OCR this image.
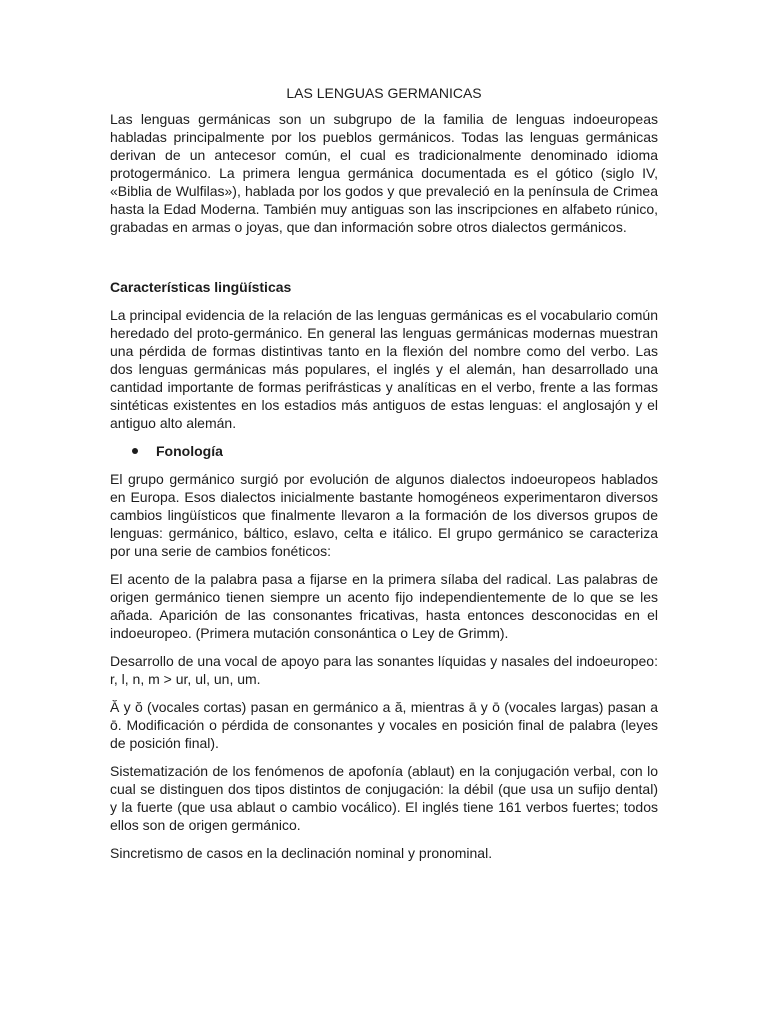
LAS LENGUAS GERMANICAS

Las lenguas germánicas son un subgrupo de la familia de lenguas indoeuropeas habladas principalmente por los pueblos germánicos. Todas las lenguas germánicas derivan de un antecesor común, el cual es tradicionalmente denominado idioma protogermánico. La primera lengua germánica documentada es el gótico (siglo IV, «Biblia de Wulfilas»), hablada por los godos y que prevaleció en la península de Crimea hasta la Edad Moderna. También muy antiguas son las inscripciones en alfabeto rúnico, grabadas en armas o joyas, que dan información sobre otros dialectos germánicos.

Características lingüísticas

La principal evidencia de la relación de las lenguas germánicas es el vocabulario común heredado del proto-germánico. En general las lenguas germánicas modernas muestran una pérdida de formas distintivas tanto en la flexión del nombre como del verbo. Las dos lenguas germánicas más populares, el inglés y el alemán, han desarrollado una cantidad importante de formas perifrásticas y analíticas en el verbo, frente a las formas sintéticas existentes en los estadios más antiguos de estas lenguas: el anglosajón y el antiguo alto alemán.

Fonología

El grupo germánico surgió por evolución de algunos dialectos indoeuropeos hablados en Europa. Esos dialectos inicialmente bastante homogéneos experimentaron diversos cambios lingüísticos que finalmente llevaron a la formación de los diversos grupos de lenguas: germánico, báltico, eslavo, celta e itálico. El grupo germánico se caracteriza por una serie de cambios fonéticos:

El acento de la palabra pasa a fijarse en la primera sílaba del radical. Las palabras de origen germánico tienen siempre un acento fijo independientemente de lo que se les añada. Aparición de las consonantes fricativas, hasta entonces desconocidas en el indoeuropeo. (Primera mutación consonántica o Ley de Grimm).

Desarrollo de una vocal de apoyo para las sonantes líquidas y nasales del indoeuropeo: r, l, n, m > ur, ul, un, um.

Ă y ŏ (vocales cortas) pasan en germánico a ă, mientras ā y ō (vocales largas) pasan a ō. Modificación o pérdida de consonantes y vocales en posición final de palabra (leyes de posición final).

Sistematización de los fenómenos de apofonía (ablaut) en la conjugación verbal, con lo cual se distinguen dos tipos distintos de conjugación: la débil (que usa un sufijo dental) y la fuerte (que usa ablaut o cambio vocálico). El inglés tiene 161 verbos fuertes; todos ellos son de origen germánico.

Sincretismo de casos en la declinación nominal y pronominal.
